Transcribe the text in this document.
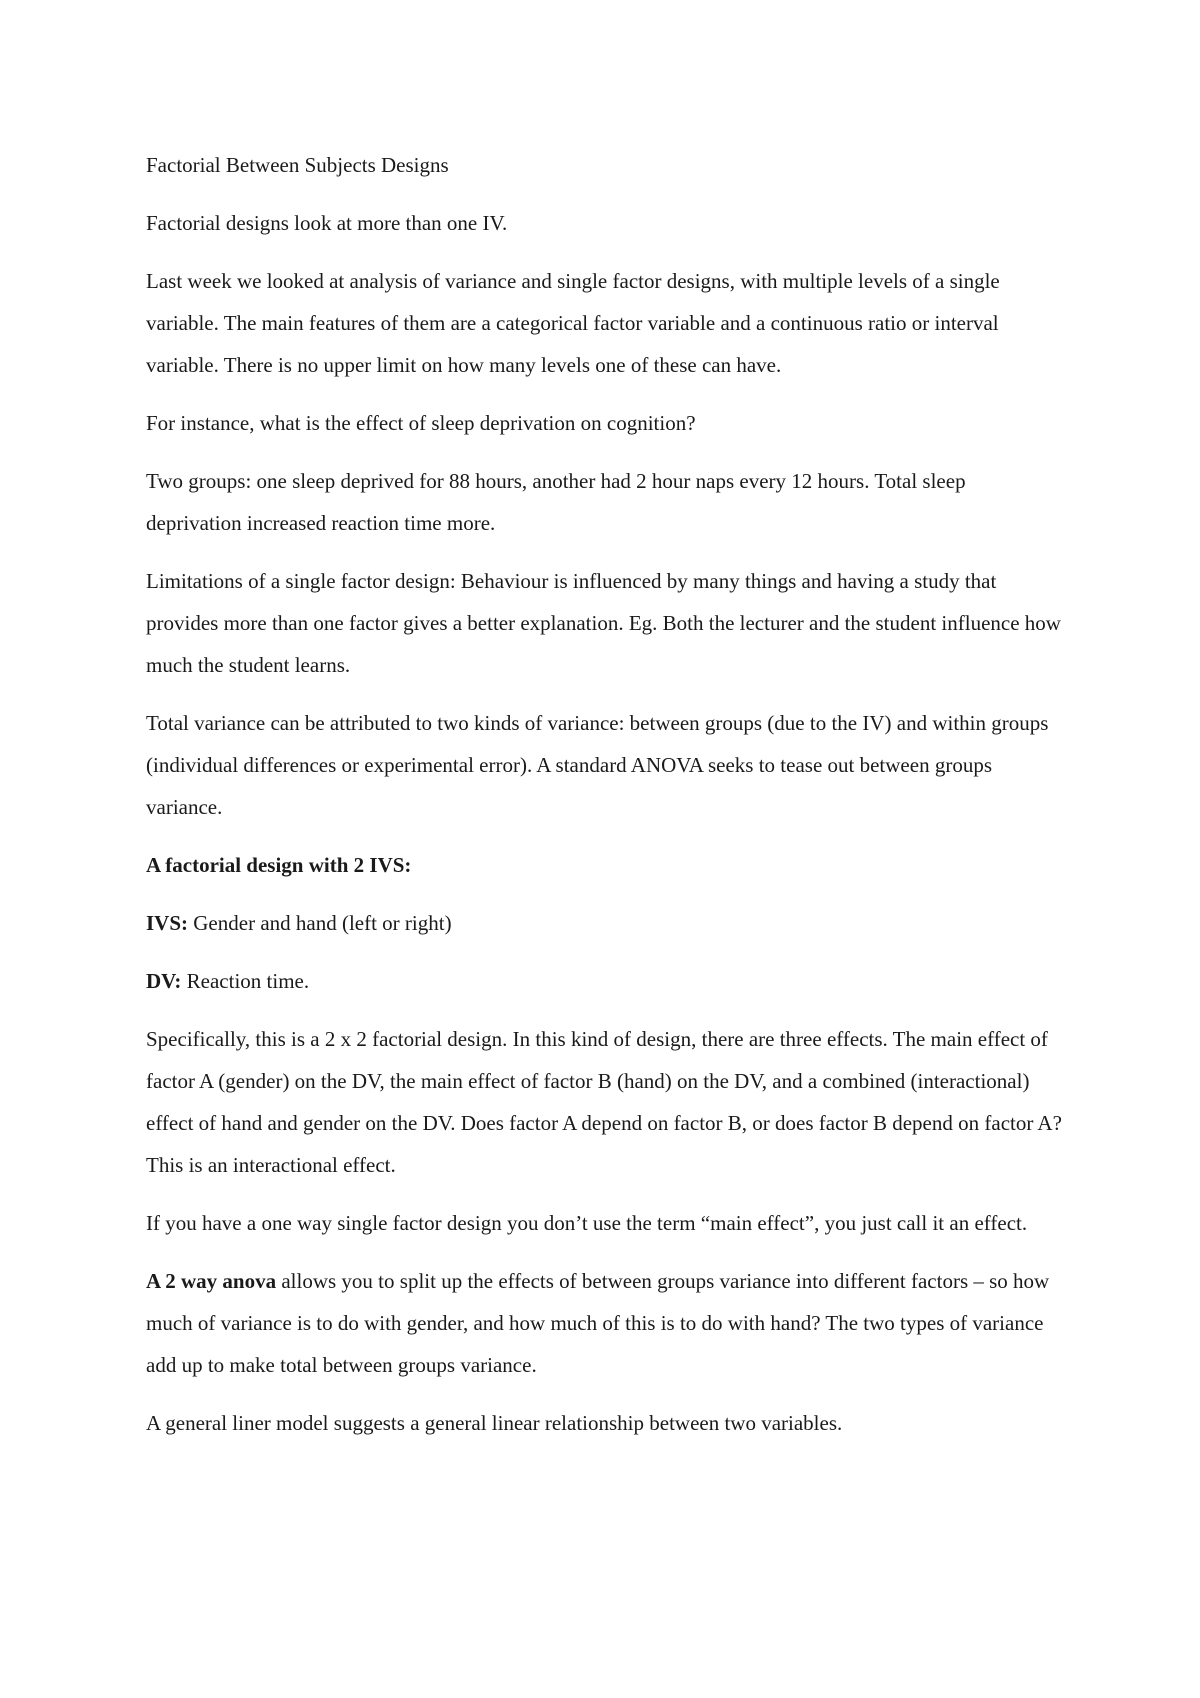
Factorial Between Subjects Designs

Factorial designs look at more than one IV.

Last week we looked at analysis of variance and single factor designs, with multiple levels of a single variable. The main features of them are a categorical factor variable and a continuous ratio or interval variable. There is no upper limit on how many levels one of these can have.

For instance, what is the effect of sleep deprivation on cognition?

Two groups: one sleep deprived for 88 hours, another had 2 hour naps every 12 hours. Total sleep deprivation increased reaction time more.

Limitations of a single factor design: Behaviour is influenced by many things and having a study that provides more than one factor gives a better explanation. Eg. Both the lecturer and the student influence how much the student learns.

Total variance can be attributed to two kinds of variance: between groups (due to the IV) and within groups (individual differences or experimental error). A standard ANOVA seeks to tease out between groups variance.

A factorial design with 2 IVS:

IVS: Gender and hand (left or right)

DV: Reaction time.

Specifically, this is a 2 x 2 factorial design. In this kind of design, there are three effects. The main effect of factor A (gender) on the DV, the main effect of factor B (hand) on the DV, and a combined (interactional) effect of hand and gender on the DV. Does factor A depend on factor B, or does factor B depend on factor A? This is an interactional effect.

If you have a one way single factor design you don’t use the term “main effect”, you just call it an effect.

A 2 way anova allows you to split up the effects of between groups variance into different factors – so how much of variance is to do with gender, and how much of this is to do with hand? The two types of variance add up to make total between groups variance.

A general liner model suggests a general linear relationship between two variables.
